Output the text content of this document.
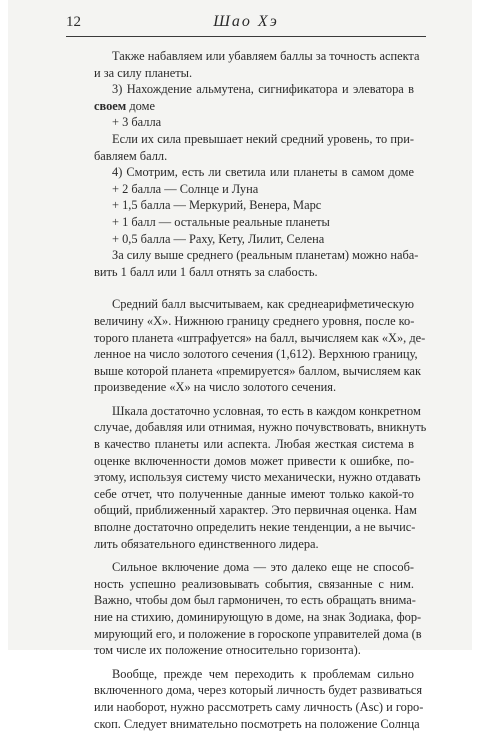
12	Шао Хэ
Также набавляем или убавляем баллы за точность аспекта
и за силу планеты.
3) Нахождение альмутена, сигнификатора и элеватора в
своем доме
+ 3 балла
Если их сила превышает некий средний уровень, то при-
бавляем балл.
4) Смотрим, есть ли светила или планеты в самом доме
+ 2 балла — Солнце и Луна
+ 1,5 балла — Меркурий, Венера, Марс
+ 1 балл — остальные реальные планеты
+ 0,5 балла — Раху, Кету, Лилит, Селена
За силу выше среднего (реальным планетам) можно наба-
вить 1 балл или 1 балл отнять за слабость.
Средний балл высчитываем, как среднеарифметическую
величину «Х». Нижнюю границу среднего уровня, после ко-
торого планета «штрафуется» на балл, вычисляем как «Х», де-
ленное на число золотого сечения (1,612). Верхнюю границу,
выше которой планета «премируется» баллом, вычисляем как
произведение «Х» на число золотого сечения.
Шкала достаточно условная, то есть в каждом конкретном
случае, добавляя или отнимая, нужно почувствовать, вникнуть
в качество планеты или аспекта. Любая жесткая система в
оценке включенности домов может привести к ошибке, по-
этому, используя систему чисто механически, нужно отдавать
себе отчет, что полученные данные имеют только какой-то
общий, приближенный характер. Это первичная оценка. Нам
вполне достаточно определить некие тенденции, а не вычис-
лить обязательного единственного лидера.
Сильное включение дома — это далеко еще не способ-
ность успешно реализовывать события, связанные с ним.
Важно, чтобы дом был гармоничен, то есть обращать внима-
ние на стихию, доминирующую в доме, на знак Зодиака, фор-
мирующий его, и положение в гороскопе управителей дома (в
том числе их положение относительно горизонта).
Вообще, прежде чем переходить к проблемам сильно
включенного дома, через который личность будет развиваться
или наоборот, нужно рассмотреть саму личность (Asc) и горо-
скоп. Следует внимательно посмотреть на положение Солнца
